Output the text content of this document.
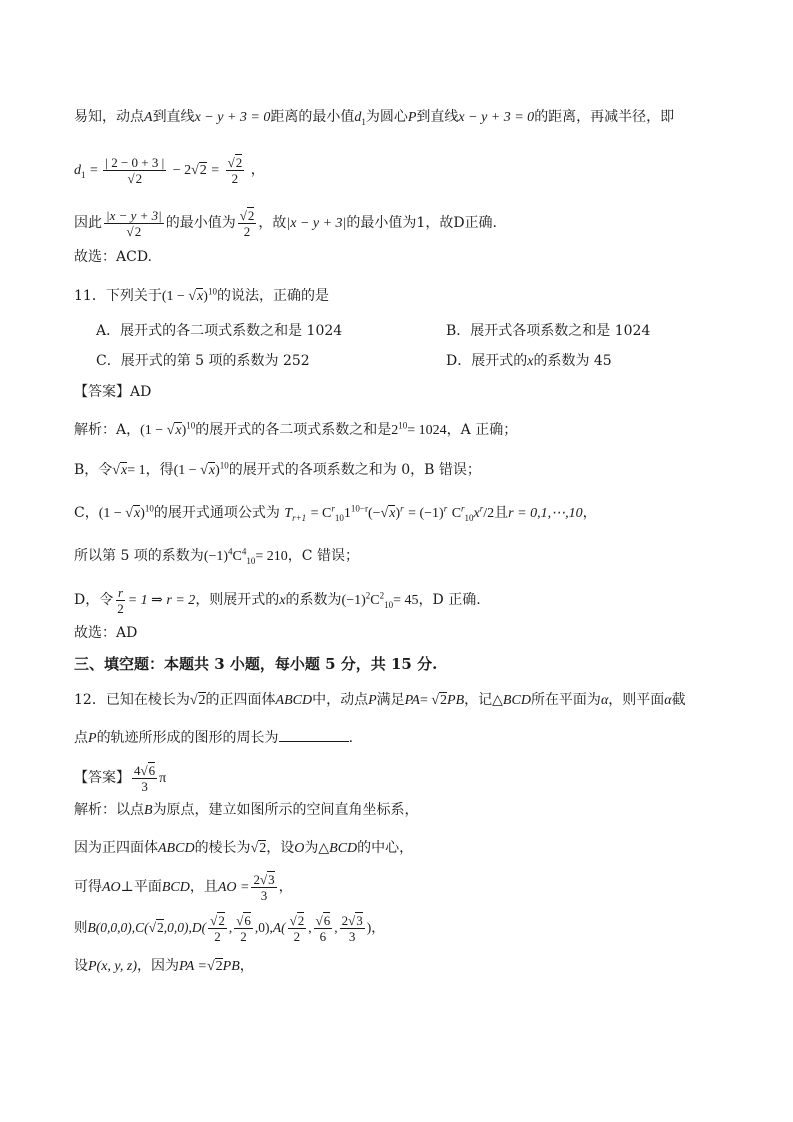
易知，动点A到直线x − y + 3 = 0距离的最小值$d_1$为圆心P到直线x − y + 3 = 0的距离，再减半径，即
$d_1 = \frac{| 2 - 0 + 3 |}{√2} - 2√2 = \frac{√2}{2}$ ，
因此 $\frac{|x - y + 3|}{√2}$ 的最小值为 $\frac{√2}{2}$ ，故|x − y + 3|的最小值为1，故D正确.
故选：ACD.
11．下列关于$(1 - √x)^{10}$的说法，正确的是
A．展开式的各二项式系数之和是 1024	B．展开式各项系数之和是 1024
C．展开式的第 5 项的系数为 252	D．展开式的x的系数为 45
【答案】AD
解析：A，$(1 - √x)^{10}$的展开式的各二项式系数之和是$2^{10}= 1024$，A 正确；
B，令√x= 1，得$(1 - √x)^{10}$的展开式的各项系数之和为 0，B 错误；
C，$(1 - √x)^{10}$的展开式通项公式为 $T_{r+1} = C^r_{10}1^{10-r}(-√x)^r = (-1)^r$ $C^r_{10}x^r/2$且r = 0,1,⋯,10，
所以第 5 项的系数为$(-1)^4C^4_{10}= 210$，C 错误；
D，令 $\frac{r}{2} = 1$ ⇒ r = 2，则展开式的x的系数为$(-1)^2C^2_{10}= 45$，D 正确.
故选：AD
三、填空题：本题共 3 小题，每小题 5 分，共 15 分.
12．已知在棱长为√2的正四面体ABCD中，动点P满足PA= √2PB，记△BCD所在平面为α，则平面α截
点P的轨迹所形成的图形的周长为	.
【答案】 $\frac{4√6}{3}$ π
解析：以点B为原点，建立如图所示的空间直角坐标系，
因为正四面体ABCD的棱长为√2，设O为△BCD的中心，
可得AO⊥平面BCD，且AO = $\frac{2√3}{3}$ ，
则$B(0,0,0),C(√2,0,0),D( \frac{√2}{2}$ , $\frac{√6}{2} ,0),A( \frac{√2}{2}$ , $\frac{√6}{6}$ , $\frac{2√3}{3}$ )，
设P(x, y, z)，因为PA =√2PB，
